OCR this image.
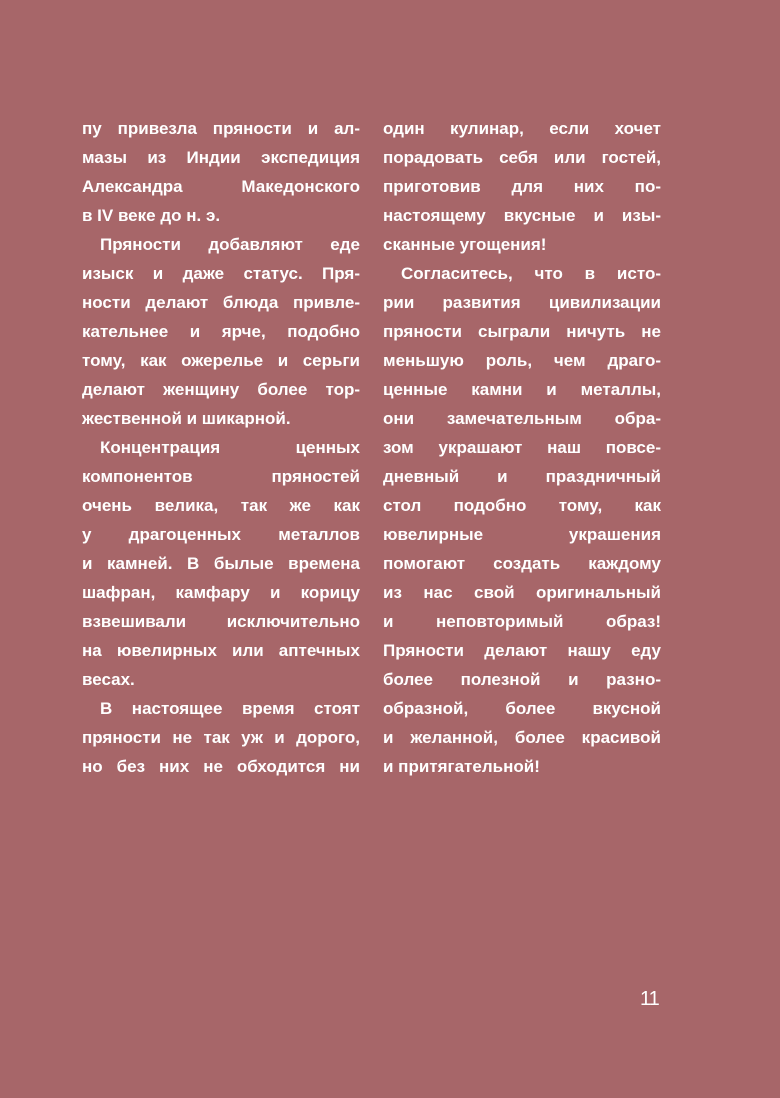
пу привезла пряности и ал-
мазы из Индии экспедиция
Александра Македонского
в IV веке до н. э.
Пряности добавляют еде
изыск и даже статус. Пря-
ности делают блюда привле-
кательнее и ярче, подобно
тому, как ожерелье и серьги
делают женщину более тор-
жественной и шикарной.
Концентрация ценных
компонентов пряностей
очень велика, так же как
у драгоценных металлов
и камней. В былые времена
шафран, камфару и корицу
взвешивали исключительно
на ювелирных или аптечных
весах.
В настоящее время стоят
пряности не так уж и дорого,
но без них не обходится ни
один кулинар, если хочет
порадовать себя или гостей,
приготовив для них по-
настоящему вкусные и изы-
сканные угощения!
Согласитесь, что в исто-
рии развития цивилизации
пряности сыграли ничуть не
меньшую роль, чем драго-
ценные камни и металлы,
они замечательным обра-
зом украшают наш повсе-
дневный и праздничный
стол подобно тому, как
ювелирные украшения
помогают создать каждому
из нас свой оригинальный
и неповторимый образ!
Пряности делают нашу еду
более полезной и разно-
образной, более вкусной
и желанной, более красивой
и притягательной!
11
